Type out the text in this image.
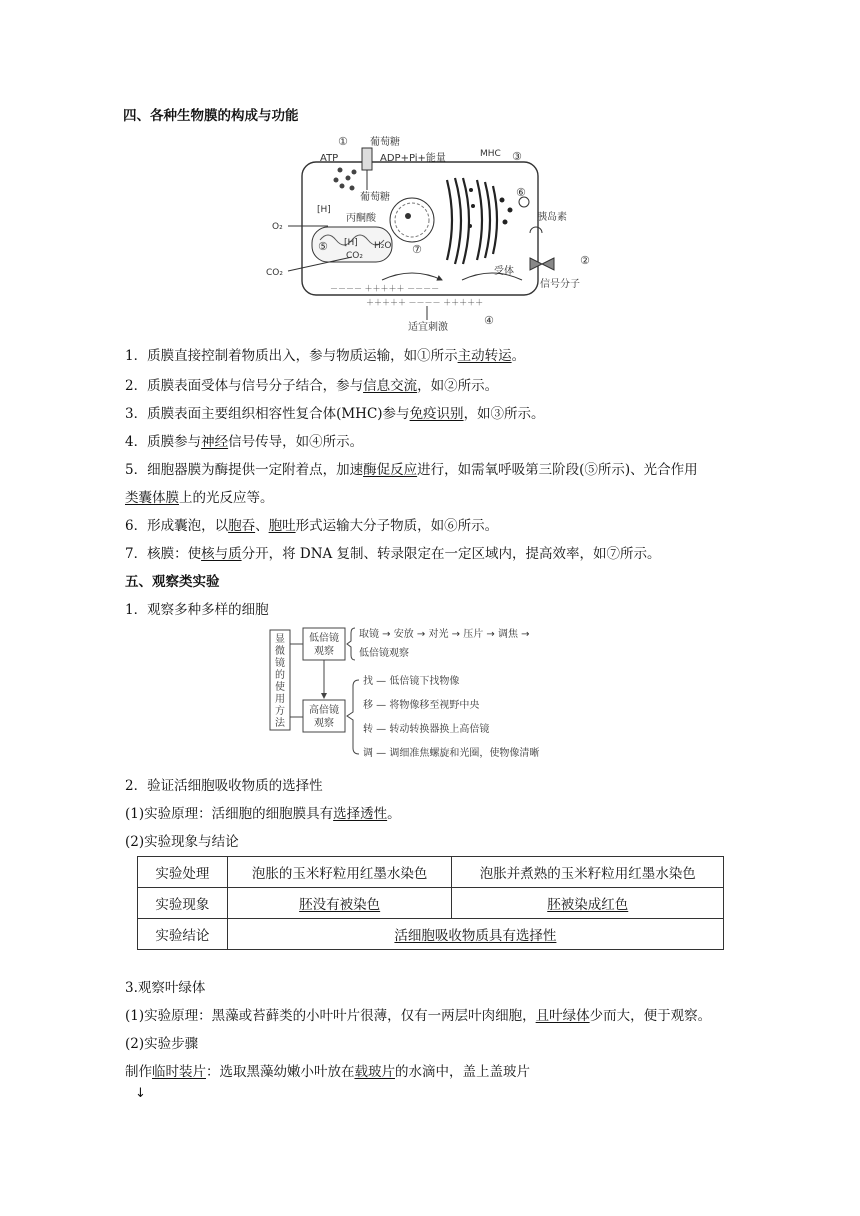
四、各种生物膜的构成与功能
ATP
① 葡萄糖
ADP+Pi+能量	MHC ③
葡萄糖
[H]
丙酮酸
O₂
⑤ [H] H₂O
CO₂
CO₂
⑦
⑥
胰岛素
受体
②
信号分子
－－－－ ＋＋＋＋＋ －－－－
＋＋＋＋＋ －－－－ ＋＋＋＋＋
适宜刺激
④
1．质膜直接控制着物质出入，参与物质运输，如①所示主动转运。
2．质膜表面受体与信号分子结合，参与信息交流，如②所示。
3．质膜表面主要组织相容性复合体(MHC)参与免疫识别，如③所示。
4．质膜参与神经信号传导，如④所示。
5．细胞器膜为酶提供一定附着点，加速酶促反应进行，如需氧呼吸第三阶段(⑤所示)、光合作用
类囊体膜上的光反应等。
6．形成囊泡，以胞吞、胞吐形式运输大分子物质，如⑥所示。
7．核膜：使核与质分开，将 DNA 复制、转录限定在一定区域内，提高效率，如⑦所示。
五、观察类实验
1．观察多种多样的细胞
显
微
镜
的
使
用
方
法
低倍镜
观察
高倍镜
观察
取镜 → 安放 → 对光 → 压片 → 调焦 →
低倍镜观察
找 — 低倍镜下找物像
移 — 将物像移至视野中央
转 — 转动转换器换上高倍镜
调 — 调细准焦螺旋和光圈，使物像清晰
2．验证活细胞吸收物质的选择性
(1)实验原理：活细胞的细胞膜具有选择透性。
(2)实验现象与结论
实验处理	泡胀的玉米籽粒用红墨水染色	泡胀并煮熟的玉米籽粒用红墨水染色
实验现象	胚没有被染色	胚被染成红色
实验结论	活细胞吸收物质具有选择性	
3.观察叶绿体
(1)实验原理：黑藻或苔藓类的小叶叶片很薄，仅有一两层叶肉细胞，且叶绿体少而大，便于观察。
(2)实验步骤
制作临时装片：选取黑藻幼嫩小叶放在载玻片的水滴中，盖上盖玻片
↓
